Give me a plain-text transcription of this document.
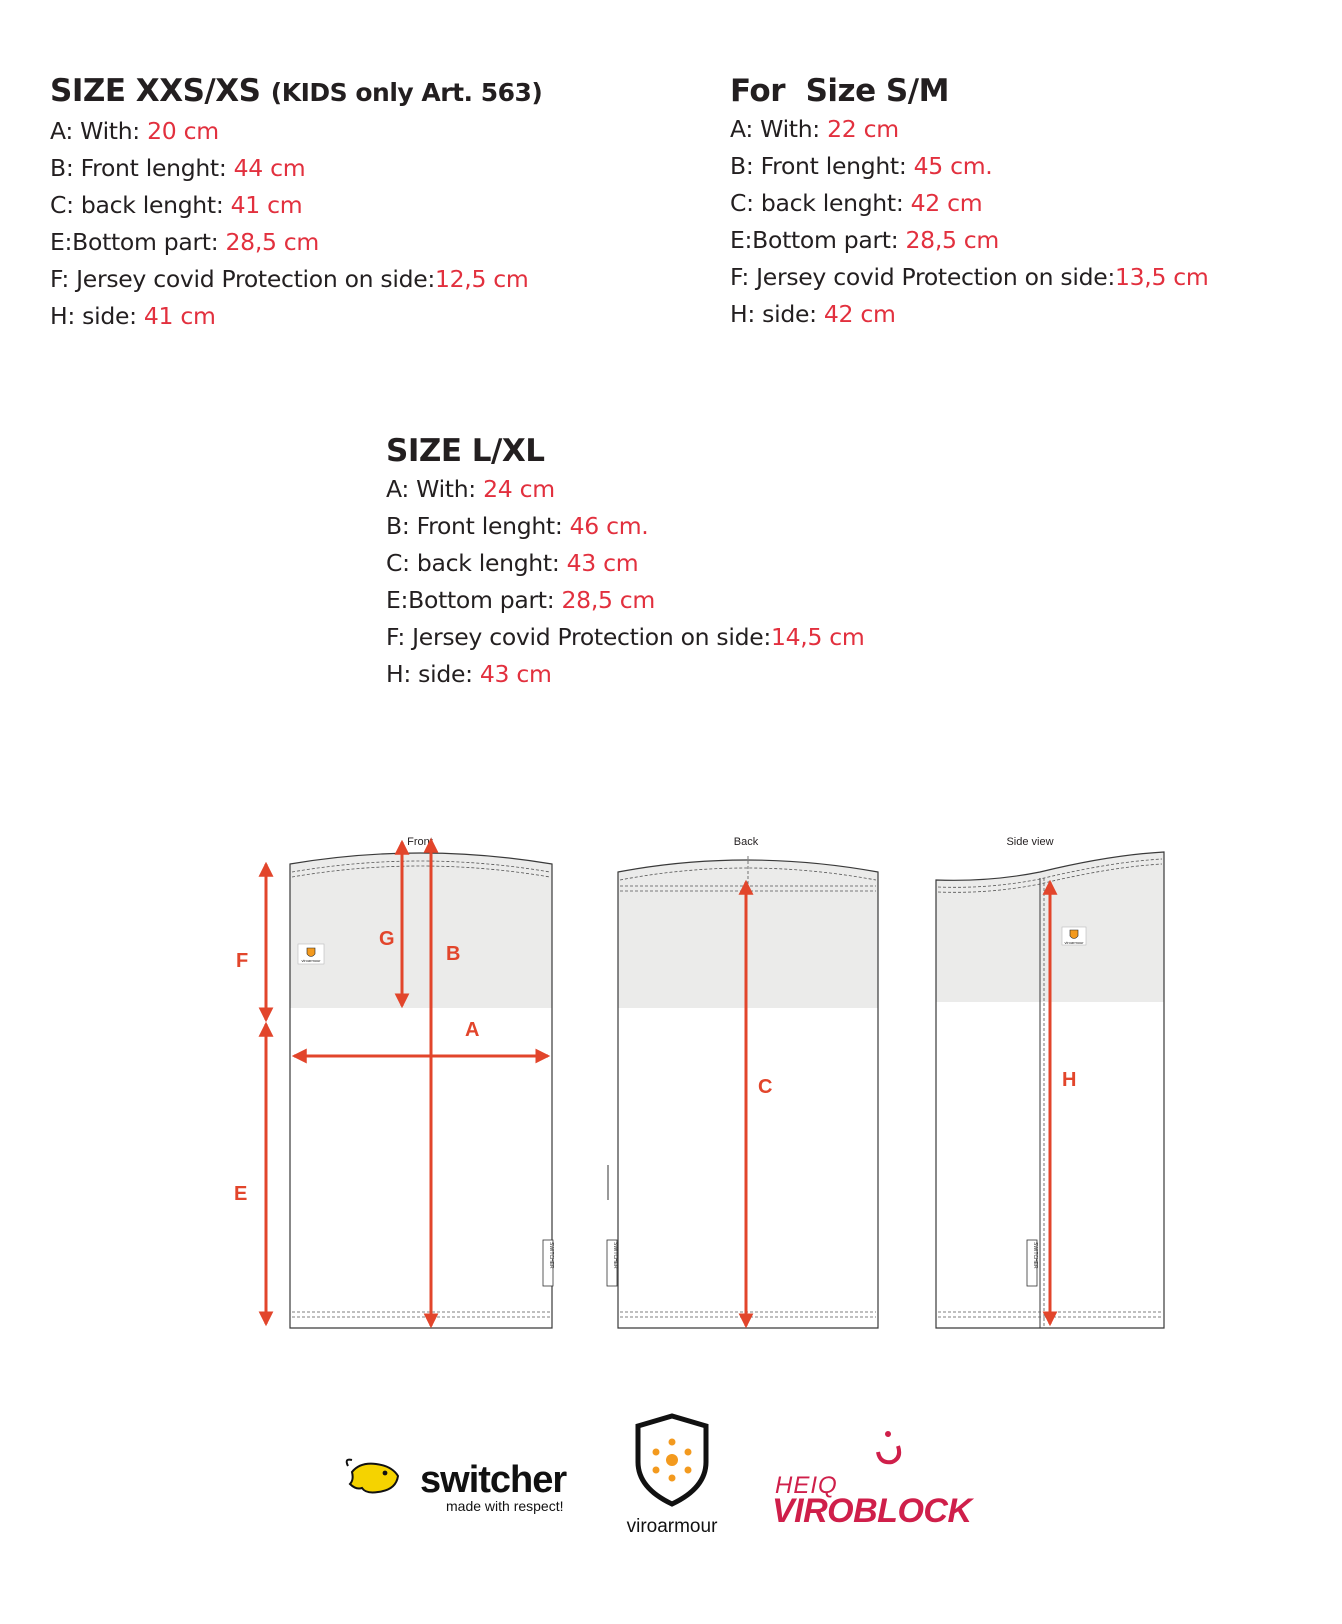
SIZE XXS/XS (KIDS only Art. 563)
A: With: 20 cm
B: Front lenght: 44 cm
C: back lenght: 41 cm
E:Bottom part: 28,5 cm
F: Jersey covid Protection on side:12,5 cm
H: side: 41 cm
For Size S/M
A: With: 22 cm
B: Front lenght: 45 cm.
C: back lenght: 42 cm
E:Bottom part: 28,5 cm
F: Jersey covid Protection on side:13,5 cm
H: side: 42 cm
SIZE L/XL
A: With: 24 cm
B: Front lenght: 46 cm.
C: back lenght: 43 cm
E:Bottom part: 28,5 cm
F: Jersey covid Protection on side:14,5 cm
H: side: 43 cm
Front
SWITCHER
viroarmour
F
E
G
B
A
Back
SWITCHER
C
Side view
SWITCHER
viroarmour
H
switcher
made with respect!
viroarmour
HEIQ
VIROBLOCK
